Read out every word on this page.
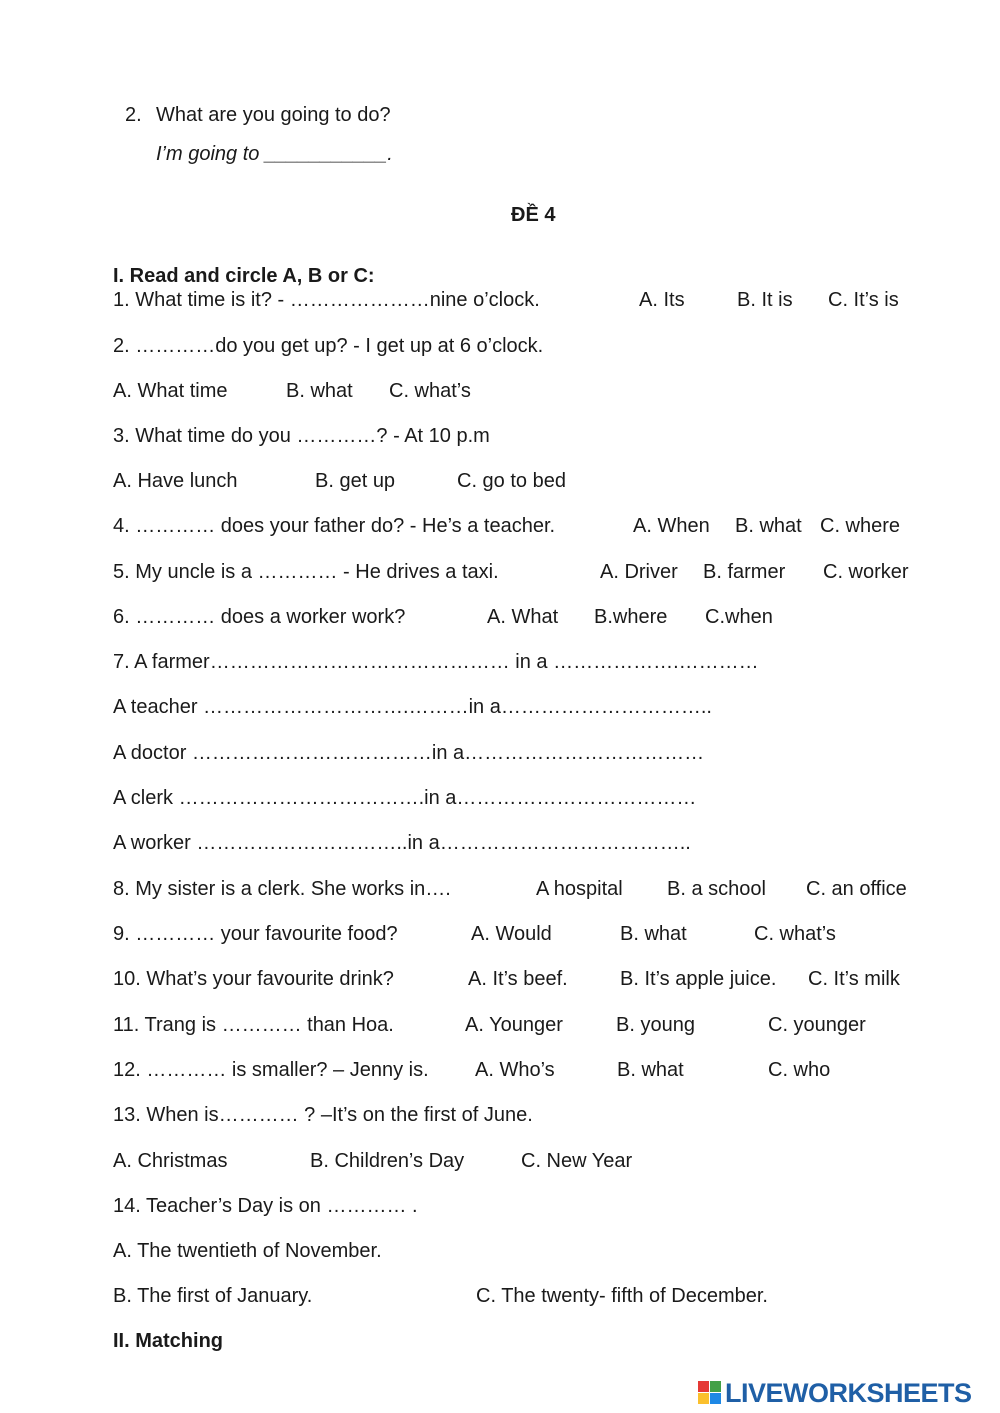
2. What are you going to do?
I’m going to ___________.
ĐỀ 4
I. Read and circle A, B or C:
1. What time is it? - …………………nine o’clock.	A. Its	B. It is C. It’s is
2. …………do you get up? - I get up at 6 o’clock.
A. What time	B. what C. what’s
3. What time do you …………? - At 10 p.m
A. Have lunch	B. get up	C. go to bed
4. ………… does your father do? - He’s a teacher.	A. When B. what C. where
5. My uncle is a ………… - He drives a taxi.	A. Driver B. farmer C. worker
6. ………… does a worker work?	A. What B.where C.when
7. A farmer……………………………………… in a ……………….…………
A teacher ………………………….………in a…………………………..
A doctor ………………………………in a………………………………
A clerk ……………………………….in a………………………………
A worker …………………………..in a………………………………..
8. My sister is a clerk. She works in….	A hospital B. a school C. an office
9. ………… your favourite food?	A. Would	B. what	C. what’s
10. What’s your favourite drink?	A. It’s beef.	B. It’s apple juice. C. It’s milk
11. Trang is ………… than Hoa.	A. Younger	B. young	C. younger
12. ………… is smaller? – Jenny is. A. Who’s	B. what	C. who
13. When is………… ? –It’s on the first of June.
A. Christmas	B. Children’s Day	C. New Year
14. Teacher’s Day is on ………… .
A. The twentieth of November.
B. The first of January.	C. The twenty- fifth of December.
II. Matching
LIVEWORKSHEETS
